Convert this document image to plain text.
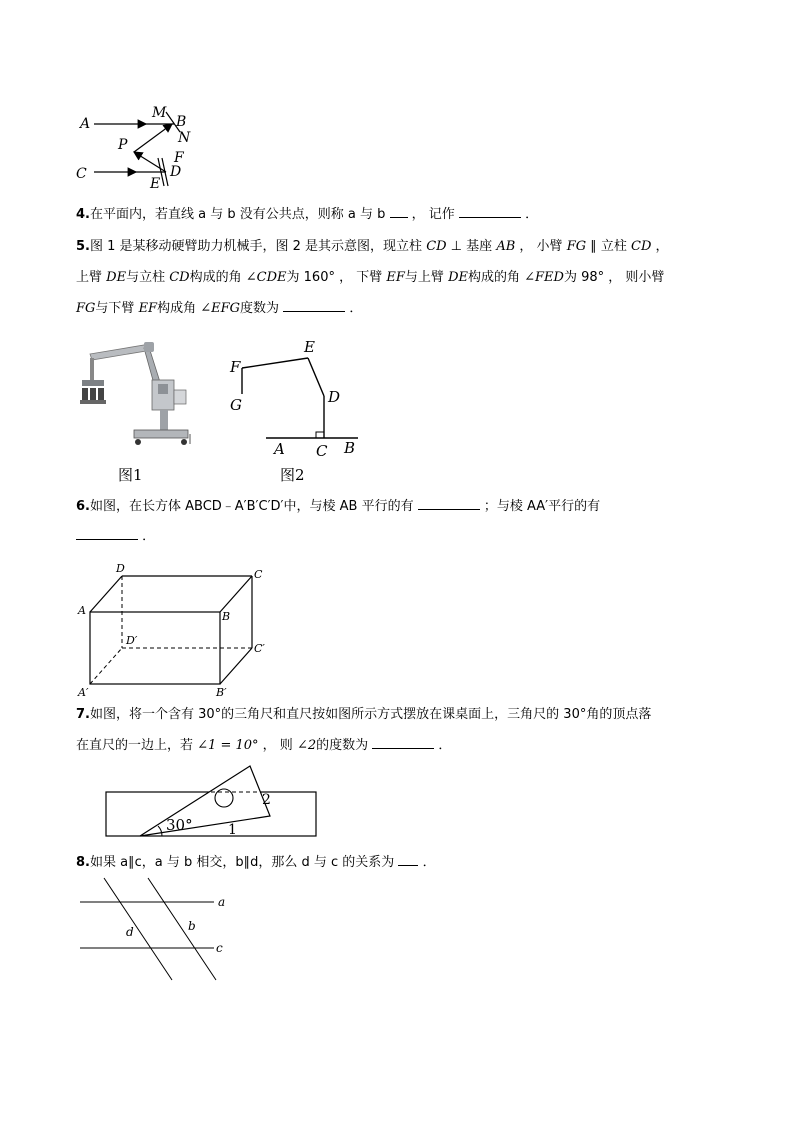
A
M
B
N
P
F
C	D
E
4.在平面内，若直线 a 与 b 没有公共点，则称 a 与 b ， 记作	．
5.图 1 是某移动硬臂助力机械手，图 2 是其示意图，现立柱 CD ⊥ 基座 AB ， 小臂 FG ∥ 立柱 CD ，
上臂 DE与立柱 CD构成的角 ∠CDE为 160° ， 下臂 EF与上臂 DE构成的角 ∠FED为 98° ， 则小臂
FG与下臂 EF构成角 ∠EFG度数为	．
E
F
G	D
A C B
图1	图2
6.如图，在长方体 ABCD﹣A′B′C′D′中，与棱 AB 平行的有	；与棱 AA′平行的有
．
D	C
A	B
D′
C′
A′	B′
7.如图，将一个含有 30°的三角尺和直尺按如图所示方式摆放在课桌面上，三角尺的 30°角的顶点落
在直尺的一边上，若 ∠1 = 10° ， 则 ∠2的度数为	．
30°	1
2
8.如果 a∥c，a 与 b 相交，b∥d，那么 d 与 c 的关系为 ．
a
d	b
c
